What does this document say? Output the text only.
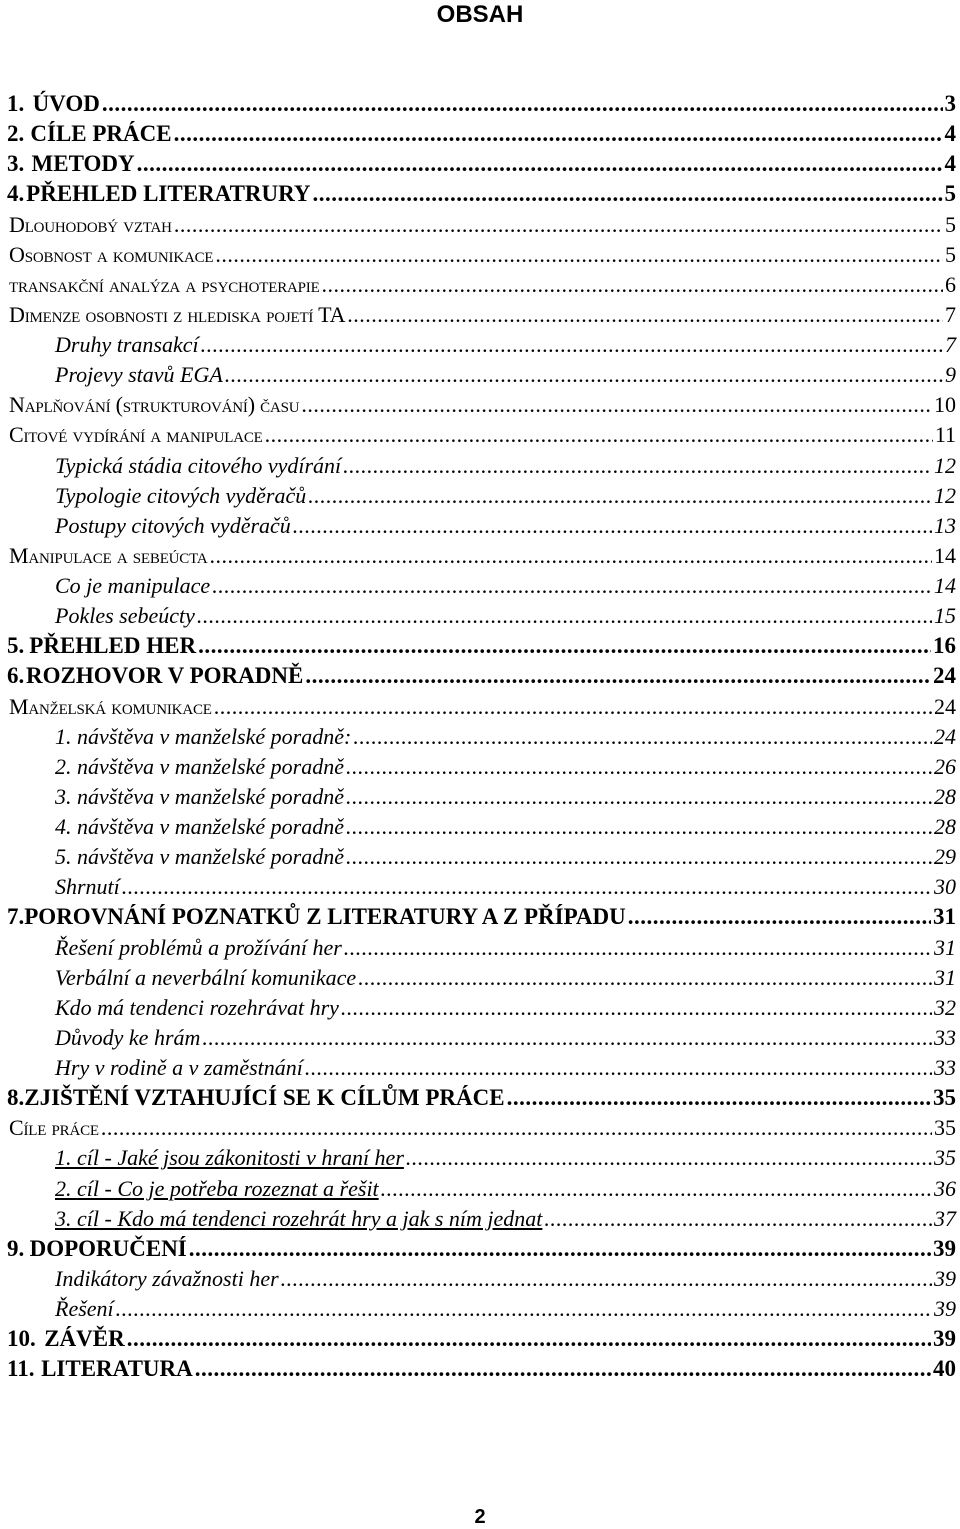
OBSAH
1. ÚVOD .....	3
2. CÍLE PRÁCE .....	4
3. METODY .....	4
4. PŘEHLED LITERATRURY .....	5
Dlouhodobý vztah .....	5
Osobnost a komunikace .....	5
transakční analýza a psychoterapie .....	6
Dimenze osobnosti z hlediska pojetí TA .....	7
Druhy transakcí .....	7
Projevy stavů EGA .....	9
Naplňování (strukturování) času .....	10
Citové vydírání a manipulace .....	11
Typická stádia citového vydírání .....	12
Typologie citových vyděračů .....	12
Postupy citových vyděračů .....	13
Manipulace a sebeúcta .....	14
Co je manipulace .....	14
Pokles sebeúcty .....	15
5. PŘEHLED HER .....	16
6. ROZHOVOR V PORADNĚ .....	24
Manželská komunikace .....	24
1. návštěva v manželské poradně: .....	24
2. návštěva v manželské poradně .....	26
3. návštěva v manželské poradně .....	28
4. návštěva v manželské poradně .....	28
5. návštěva v manželské poradně .....	29
Shrnutí .....	30
7. POROVNÁNÍ POZNATKŮ Z LITERATURY A Z PŘÍPADU .....	31
Řešení problémů a prožívání her .....	31
Verbální a neverbální komunikace .....	31
Kdo má tendenci rozehrávat hry .....	32
Důvody ke hrám .....	33
Hry v rodině a v zaměstnání .....	33
8. ZJIŠTĚNÍ VZTAHUJÍCÍ SE K CÍLŮM PRÁCE .....	35
Cíle práce .....	35
1. cíl - Jaké jsou zákonitosti v hraní her .....	35
2. cíl - Co je potřeba rozeznat a řešit .....	36
3. cíl - Kdo má tendenci rozehrát hry a jak s ním jednat .....	37
9. DOPORUČENÍ .....	39
Indikátory závažnosti her .....	39
Řešení .....	39
10. ZÁVĚR .....	39
11. LITERATURA .....	40
2
